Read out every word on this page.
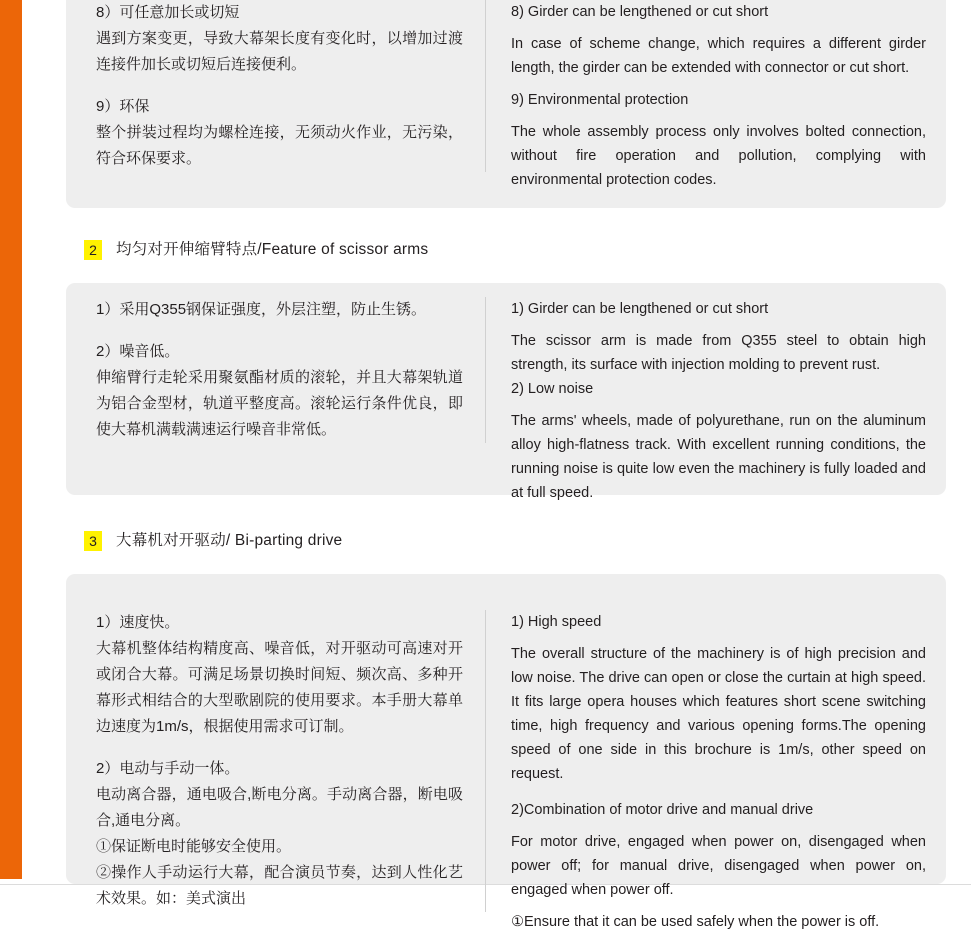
8）可任意加长或切短

遇到方案变更，导致大幕架长度有变化时，以增加过渡连接件加长或切短后连接便利。

9）环保

整个拼装过程均为螺栓连接，无须动火作业，无污染，符合环保要求。

8) Girder can be lengthened or cut short

In case of scheme change, which requires a different girder length, the girder can be extended with connector or cut short.

9) Environmental protection

The whole assembly process only involves bolted connection, without fire operation and pollution, complying with environmental protection codes.

2	均匀对开伸缩臂特点/Feature of scissor arms

1）采用Q355钢保证强度，外层注塑，防止生锈。

2）噪音低。

伸缩臂行走轮采用聚氨酯材质的滚轮，并且大幕架轨道为铝合金型材，轨道平整度高。滚轮运行条件优良，即使大幕机满载满速运行噪音非常低。

1) Girder can be lengthened or cut short

The scissor arm is made from Q355 steel to obtain high strength, its surface with injection molding to prevent rust.

2) Low noise

The arms' wheels, made of polyurethane, run on the aluminum alloy high-flatness track. With excellent running conditions, the running noise is quite low even the machinery is fully loaded and at full speed.

3	大幕机对开驱动/ Bi-parting drive

1）速度快。

大幕机整体结构精度高、噪音低，对开驱动可高速对开或闭合大幕。可满足场景切换时间短、频次高、多种开幕形式相结合的大型歌剧院的使用要求。本手册大幕单边速度为1m/s，根据使用需求可订制。

2）电动与手动一体。

电动离合器，通电吸合,断电分离。手动离合器，断电吸合,通电分离。

①保证断电时能够安全使用。

②操作人手动运行大幕，配合演员节奏，达到人性化艺术效果。如：美式演出

1) High speed

The overall structure of the machinery is of high precision and low noise. The drive can open or close the curtain at high speed. It fits large opera houses which features short scene switching time, high frequency and various opening forms.The opening speed of one side in this brochure is 1m/s, other speed on request.

2)Combination of motor drive and manual drive

For motor drive, engaged when power on, disengaged when power off; for manual drive, disengaged when power on, engaged when power off.

①Ensure that it can be used safely when the power is off.
